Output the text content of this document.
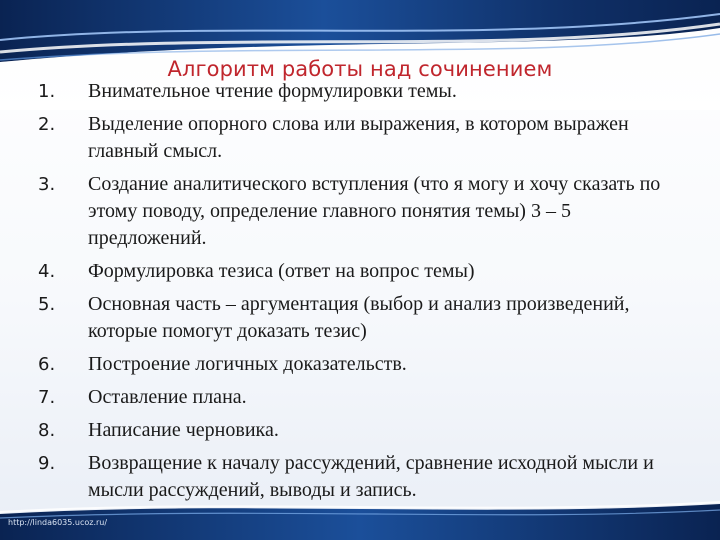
Алгоритм работы над сочинением
1.	Внимательное чтение формулировки темы.
2.	Выделение опорного слова или выражения, в котором выражен главный смысл.
3.	Создание аналитического вступления (что я могу и хочу сказать по этому поводу, определение главного понятия темы) 3 – 5 предложений.
4.	Формулировка тезиса (ответ на вопрос темы)
5.	Основная часть – аргументация (выбор и анализ произведений, которые помогут доказать тезис)
6.	Построение логичных доказательств.
7.	Оставление плана.
8.	Написание черновика.
9.	Возвращение к началу рассуждений, сравнение исходной мысли и мысли рассуждений, выводы и запись.
http://linda6035.ucoz.ru/
